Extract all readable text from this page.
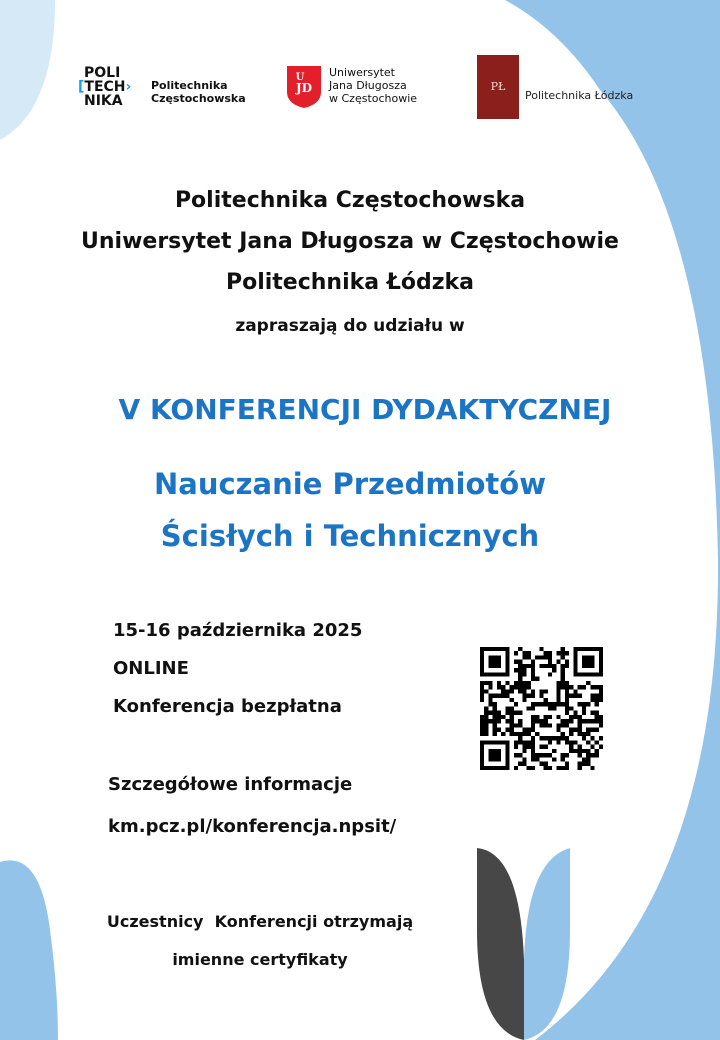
POLI
[TECH›
NIKA
Politechnika
Częstochowska
JD
U Uniwersytet
Jana Długosza
w Częstochowie
PŁ
Politechnika Łódzka
Politechnika Częstochowska
Uniwersytet Jana Długosza w Częstochowie
Politechnika Łódzka
zapraszają do udziału w
V KONFERENCJI DYDAKTYCZNEJ
Nauczanie Przedmiotów
Ścisłych i Technicznych
15-16 października 2025
ONLINE
Konferencja bezpłatna
Szczegółowe informacje
km.pcz.pl/konferencja.npsit/
Uczestnicy  Konferencji otrzymają
imienne certyfikaty
